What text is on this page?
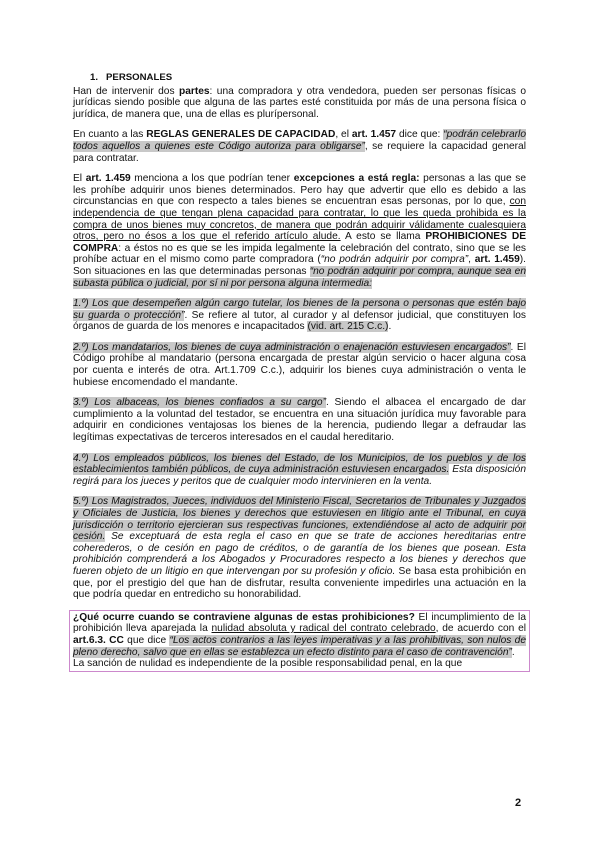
1. PERSONALES

Han de intervenir dos partes: una compradora y otra vendedora, pueden ser personas físicas o jurídicas siendo posible que alguna de las partes esté constituida por más de una persona física o jurídica, de manera que, una de ellas es plurípersonal.

En cuanto a las REGLAS GENERALES DE CAPACIDAD, el art. 1.457 dice que: “podrán celebrarlo todos aquellos a quienes este Código autoriza para obligarse”, se requiere la capacidad general para contratar.

El art. 1.459 menciona a los que podrían tener excepciones a está regla: personas a las que se les prohíbe adquirir unos bienes determinados. Pero hay que advertir que ello es debido a las circunstancias en que con respecto a tales bienes se encuentran esas personas, por lo que, con independencia de que tengan plena capacidad para contratar, lo que les queda prohibida es la compra de unos bienes muy concretos, de manera que podrán adquirir válidamente cualesquiera otros, pero no ésos a los que el referido artículo alude. A esto se llama PROHIBICIONES DE COMPRA: a éstos no es que se les impida legalmente la celebración del contrato, sino que se les prohíbe actuar en el mismo como parte compradora (“no podrán adquirir por compra”, art. 1.459). Son situaciones en las que determinadas personas “no podrán adquirir por compra, aunque sea en subasta pública o judicial, por sí ni por persona alguna intermedia:

1.º) Los que desempeñen algún cargo tutelar, los bienes de la persona o personas que estén bajo su guarda o protección”. Se refiere al tutor, al curador y al defensor judicial, que constituyen los órganos de guarda de los menores e incapacitados (vid. art. 215 C.c.).

2.º) Los mandatarios, los bienes de cuya administración o enajenación estuviesen encargados”. El Código prohíbe al mandatario (persona encargada de prestar algún servicio o hacer alguna cosa por cuenta e interés de otra. Art.1.709 C.c.), adquirir los bienes cuya administración o venta le hubiese encomendado el mandante.

3.º) Los albaceas, los bienes confiados a su cargo”. Siendo el albacea el encargado de dar cumplimiento a la voluntad del testador, se encuentra en una situación jurídica muy favorable para adquirir en condiciones ventajosas los bienes de la herencia, pudiendo llegar a defraudar las legítimas expectativas de terceros interesados en el caudal hereditario.

4.º) Los empleados públicos, los bienes del Estado, de los Municipios, de los pueblos y de los establecimientos también públicos, de cuya administración estuviesen encargados. Esta disposición regirá para los jueces y peritos que de cualquier modo intervinieren en la venta.

5.º) Los Magistrados, Jueces, individuos del Ministerio Fiscal, Secretarios de Tribunales y Juzgados y Oficiales de Justicia, los bienes y derechos que estuviesen en litigio ante el Tribunal, en cuya jurisdicción o territorio ejercieran sus respectivas funciones, extendiéndose al acto de adquirir por cesión. Se exceptuará de esta regla el caso en que se trate de acciones hereditarias entre coherederos, o de cesión en pago de créditos, o de garantía de los bienes que posean. Esta prohibición comprenderá a los Abogados y Procuradores respecto a los bienes y derechos que fueren objeto de un litigio en que intervengan por su profesión y oficio. Se basa esta prohibición en que, por el prestigio del que han de disfrutar, resulta conveniente impedirles una actuación en la que podría quedar en entredicho su honorabilidad.

¿Qué ocurre cuando se contraviene algunas de estas prohibiciones? El incumplimiento de la prohibición lleva aparejada la nulidad absoluta y radical del contrato celebrado, de acuerdo con el art.6.3. CC que dice “Los actos contrarios a las leyes imperativas y a las prohibitivas, son nulos de pleno derecho, salvo que en ellas se establezca un efecto distinto para el caso de contravención”.

La sanción de nulidad es independiente de la posible responsabilidad penal, en la que

2
